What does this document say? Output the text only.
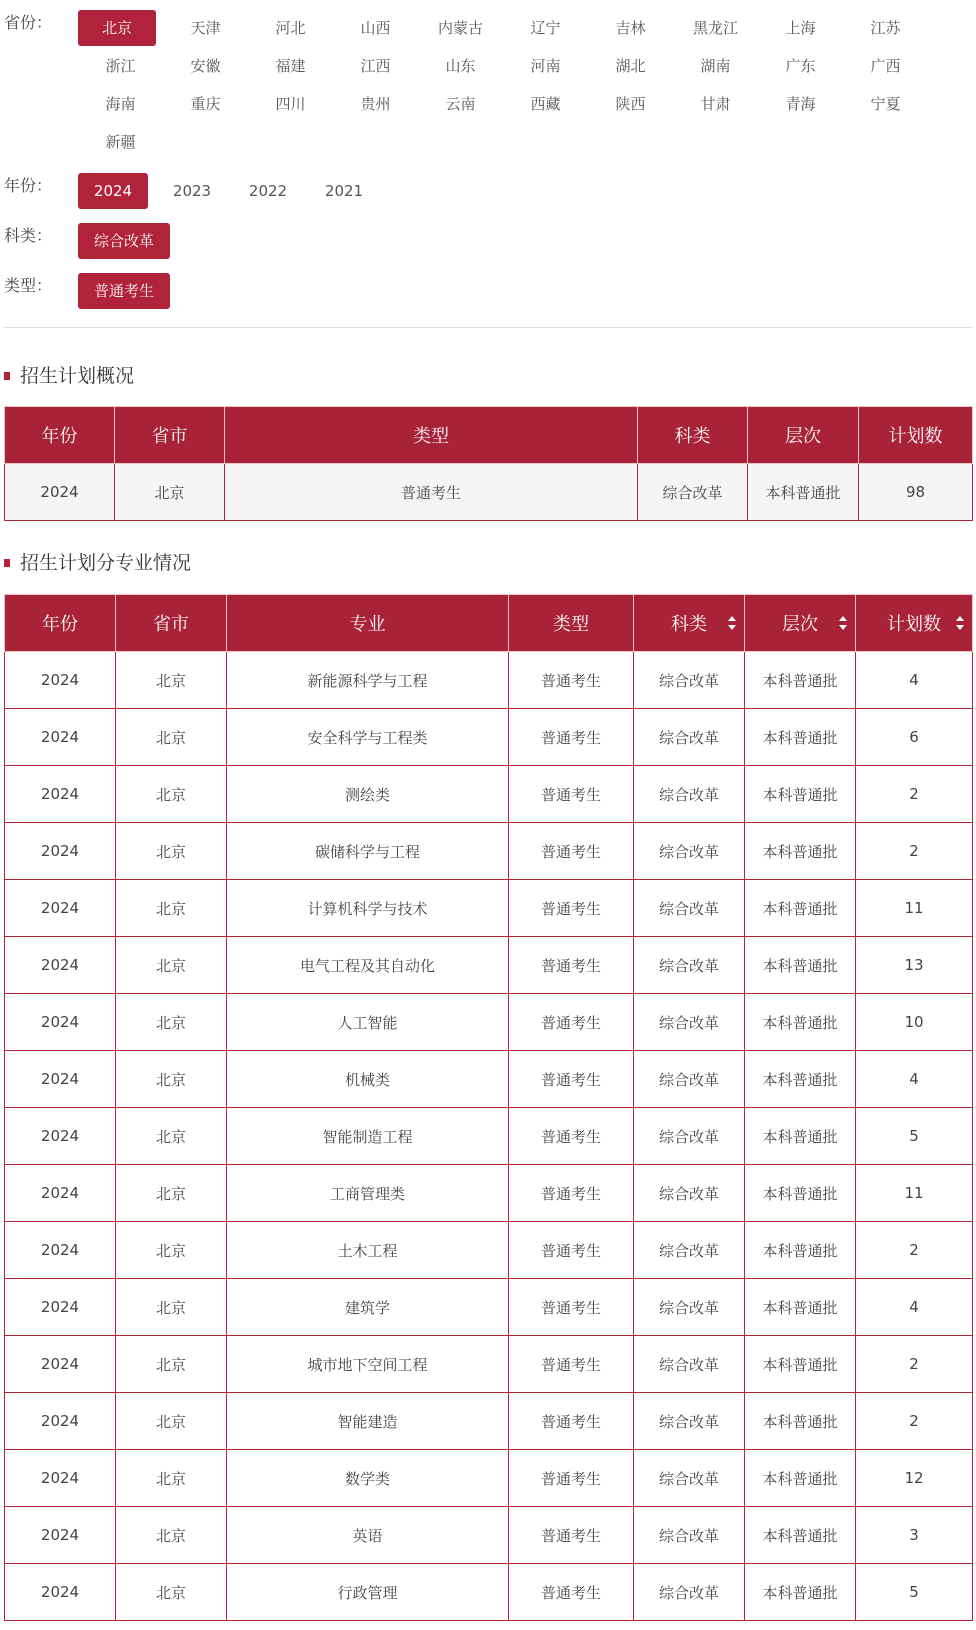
省份：	北京	天津	河北	山西	内蒙古	辽宁	吉林	黑龙江	上海	江苏
浙江	安徽	福建	江西	山东	河南	湖北	湖南	广东	广西
海南	重庆	四川	贵州	云南	西藏	陕西	甘肃	青海	宁夏
新疆
年份：	2024	2023	2022	2021
科类：	综合改革
类型：	普通考生
招生计划概况
年份	省市	类型	科类	层次	计划数
2024	北京	普通考生	综合改革	本科普通批	98
招生计划分专业情况
年份	省市	专业	类型	科类	层次	计划数

2024	北京	新能源科学与工程	普通考生	综合改革	本科普通批	4
2024	北京	安全科学与工程类	普通考生	综合改革	本科普通批	6
2024	北京	测绘类	普通考生	综合改革	本科普通批	2
2024	北京	碳储科学与工程	普通考生	综合改革	本科普通批	2
2024	北京	计算机科学与技术	普通考生	综合改革	本科普通批	11
2024	北京	电气工程及其自动化	普通考生	综合改革	本科普通批	13
2024	北京	人工智能	普通考生	综合改革	本科普通批	10
2024	北京	机械类	普通考生	综合改革	本科普通批	4
2024	北京	智能制造工程	普通考生	综合改革	本科普通批	5
2024	北京	工商管理类	普通考生	综合改革	本科普通批	11
2024	北京	土木工程	普通考生	综合改革	本科普通批	2
2024	北京	建筑学	普通考生	综合改革	本科普通批	4
2024	北京	城市地下空间工程	普通考生	综合改革	本科普通批	2
2024	北京	智能建造	普通考生	综合改革	本科普通批	2
2024	北京	数学类	普通考生	综合改革	本科普通批	12
2024	北京	英语	普通考生	综合改革	本科普通批	3
2024	北京	行政管理	普通考生	综合改革	本科普通批	5
